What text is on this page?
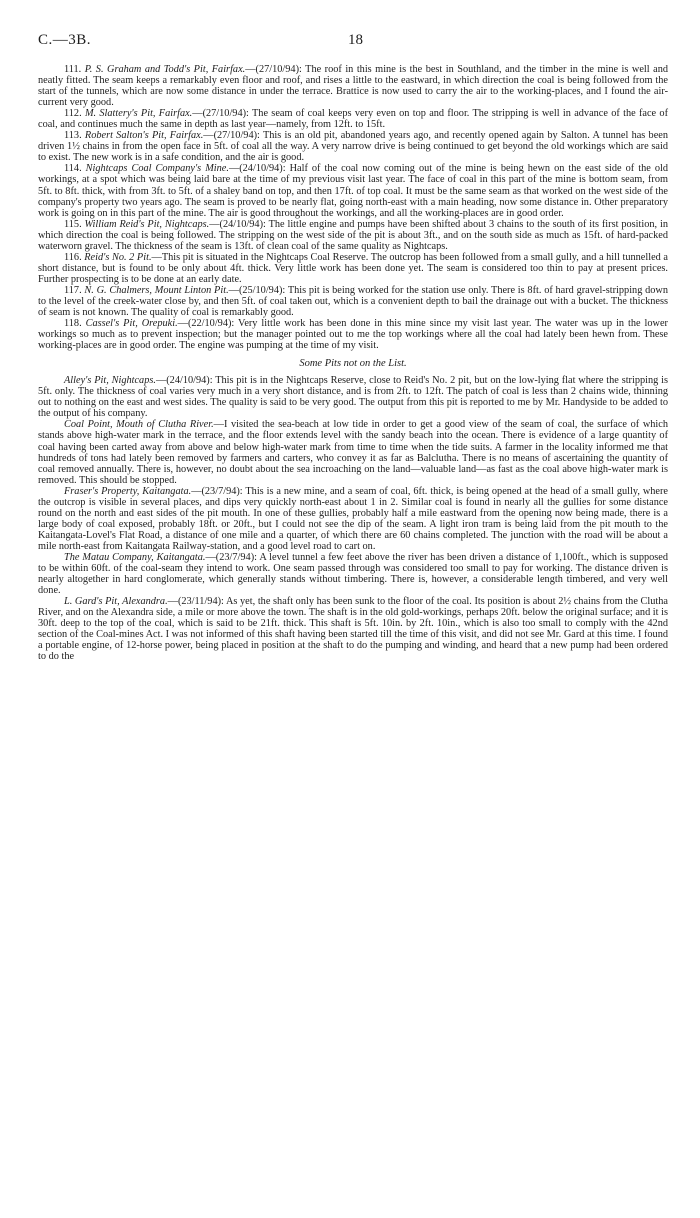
C.—3B.	18

111. P. S. Graham and Todd's Pit, Fairfax.—(27/10/94): The roof in this mine is the best in Southland, and the timber in the mine is well and neatly fitted. The seam keeps a remarkably even floor and roof, and rises a little to the eastward, in which direction the coal is being followed from the start of the tunnels, which are now some distance in under the terrace. Brattice is now used to carry the air to the working-places, and I found the air-current very good.

112. M. Slattery's Pit, Fairfax.—(27/10/94): The seam of coal keeps very even on top and floor. The stripping is well in advance of the face of coal, and continues much the same in depth as last year—namely, from 12ft. to 15ft.

113. Robert Salton's Pit, Fairfax.—(27/10/94): This is an old pit, abandoned years ago, and recently opened again by Salton. A tunnel has been driven 1½ chains in from the open face in 5ft. of coal all the way. A very narrow drive is being continued to get beyond the old workings which are said to exist. The new work is in a safe condition, and the air is good.

114. Nightcaps Coal Company's Mine.—(24/10/94): Half of the coal now coming out of the mine is being hewn on the east side of the old workings, at a spot which was being laid bare at the time of my previous visit last year. The face of coal in this part of the mine is bottom seam, from 5ft. to 8ft. thick, with from 3ft. to 5ft. of a shaley band on top, and then 17ft. of top coal. It must be the same seam as that worked on the west side of the company's property two years ago. The seam is proved to be nearly flat, going north-east with a main heading, now some distance in. Other preparatory work is going on in this part of the mine. The air is good throughout the workings, and all the working-places are in good order.

115. William Reid's Pit, Nightcaps.—(24/10/94): The little engine and pumps have been shifted about 3 chains to the south of its first position, in which direction the coal is being followed. The stripping on the west side of the pit is about 3ft., and on the south side as much as 15ft. of hard-packed waterworn gravel. The thickness of the seam is 13ft. of clean coal of the same quality as Nightcaps.

116. Reid's No. 2 Pit.—This pit is situated in the Nightcaps Coal Reserve. The outcrop has been followed from a small gully, and a hill tunnelled a short distance, but is found to be only about 4ft. thick. Very little work has been done yet. The seam is considered too thin to pay at present prices. Further prospecting is to be done at an early date.

117. N. G. Chalmers, Mount Linton Pit.—(25/10/94): This pit is being worked for the station use only. There is 8ft. of hard gravel-stripping down to the level of the creek-water close by, and then 5ft. of coal taken out, which is a convenient depth to bail the drainage out with a bucket. The thickness of seam is not known. The quality of coal is remarkably good.

118. Cassel's Pit, Orepuki.—(22/10/94): Very little work has been done in this mine since my visit last year. The water was up in the lower workings so much as to prevent inspection; but the manager pointed out to me the top workings where all the coal had lately been hewn from. These working-places are in good order. The engine was pumping at the time of my visit.

Some Pits not on the List.

Alley's Pit, Nightcaps.—(24/10/94): This pit is in the Nightcaps Reserve, close to Reid's No. 2 pit, but on the low-lying flat where the stripping is 5ft. only. The thickness of coal varies very much in a very short distance, and is from 2ft. to 12ft. The patch of coal is less than 2 chains wide, thinning out to nothing on the east and west sides. The quality is said to be very good. The output from this pit is reported to me by Mr. Handyside to be added to the output of his company.

Coal Point, Mouth of Clutha River.—I visited the sea-beach at low tide in order to get a good view of the seam of coal, the surface of which stands above high-water mark in the terrace, and the floor extends level with the sandy beach into the ocean. There is evidence of a large quantity of coal having been carted away from above and below high-water mark from time to time when the tide suits. A farmer in the locality informed me that hundreds of tons had lately been removed by farmers and carters, who convey it as far as Balclutha. There is no means of ascertaining the quantity of coal removed annually. There is, however, no doubt about the sea incroaching on the land—valuable land—as fast as the coal above high-water mark is removed. This should be stopped.

Fraser's Property, Kaitangata.—(23/7/94): This is a new mine, and a seam of coal, 6ft. thick, is being opened at the head of a small gully, where the outcrop is visible in several places, and dips very quickly north-east about 1 in 2. Similar coal is found in nearly all the gullies for some distance round on the north and east sides of the pit mouth. In one of these gullies, probably half a mile eastward from the opening now being made, there is a large body of coal exposed, probably 18ft. or 20ft., but I could not see the dip of the seam. A light iron tram is being laid from the pit mouth to the Kaitangata-Lovel's Flat Road, a distance of one mile and a quarter, of which there are 60 chains completed. The junction with the road will be about a mile north-east from Kaitangata Railway-station, and a good level road to cart on.

The Matau Company, Kaitangata.—(23/7/94): A level tunnel a few feet above the river has been driven a distance of 1,100ft., which is supposed to be within 60ft. of the coal-seam they intend to work. One seam passed through was considered too small to pay for working. The distance driven is nearly altogether in hard conglomerate, which generally stands without timbering. There is, however, a considerable length timbered, and very well done.

L. Gard's Pit, Alexandra.—(23/11/94): As yet, the shaft only has been sunk to the floor of the coal. Its position is about 2½ chains from the Clutha River, and on the Alexandra side, a mile or more above the town. The shaft is in the old gold-workings, perhaps 20ft. below the original surface; and it is 30ft. deep to the top of the coal, which is said to be 21ft. thick. This shaft is 5ft. 10in. by 2ft. 10in., which is also too small to comply with the 42nd section of the Coal-mines Act. I was not informed of this shaft having been started till the time of this visit, and did not see Mr. Gard at this time. I found a portable engine, of 12-horse power, being placed in position at the shaft to do the pumping and winding, and heard that a new pump had been ordered to do the
